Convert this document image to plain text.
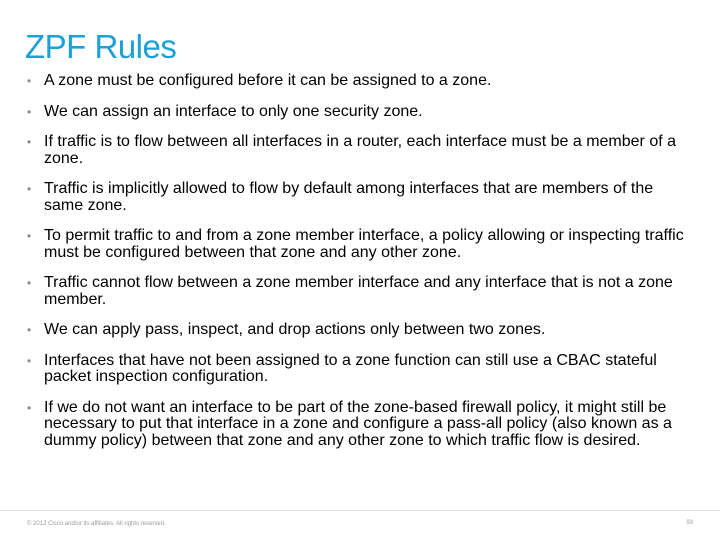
ZPF Rules
• A zone must be configured before it can be assigned to a zone.
• We can assign an interface to only one security zone.
• If traffic is to flow between all interfaces in a router, each interface must be a member of a zone.
• Traffic is implicitly allowed to flow by default among interfaces that are members of the same zone.
• To permit traffic to and from a zone member interface, a policy allowing or inspecting traffic must be configured between that zone and any other zone.
• Traffic cannot flow between a zone member interface and any interface that is not a zone member.
• We can apply pass, inspect, and drop actions only between two zones.
• Interfaces that have not been assigned to a zone function can still use a CBAC stateful packet inspection configuration.
• If we do not want an interface to be part of the zone-based firewall policy, it might still be necessary to put that interface in a zone and configure a pass-all policy (also known as a dummy policy) between that zone and any other zone to which traffic flow is desired.
© 2012 Cisco and/or its affiliates. All rights reserved.	93
